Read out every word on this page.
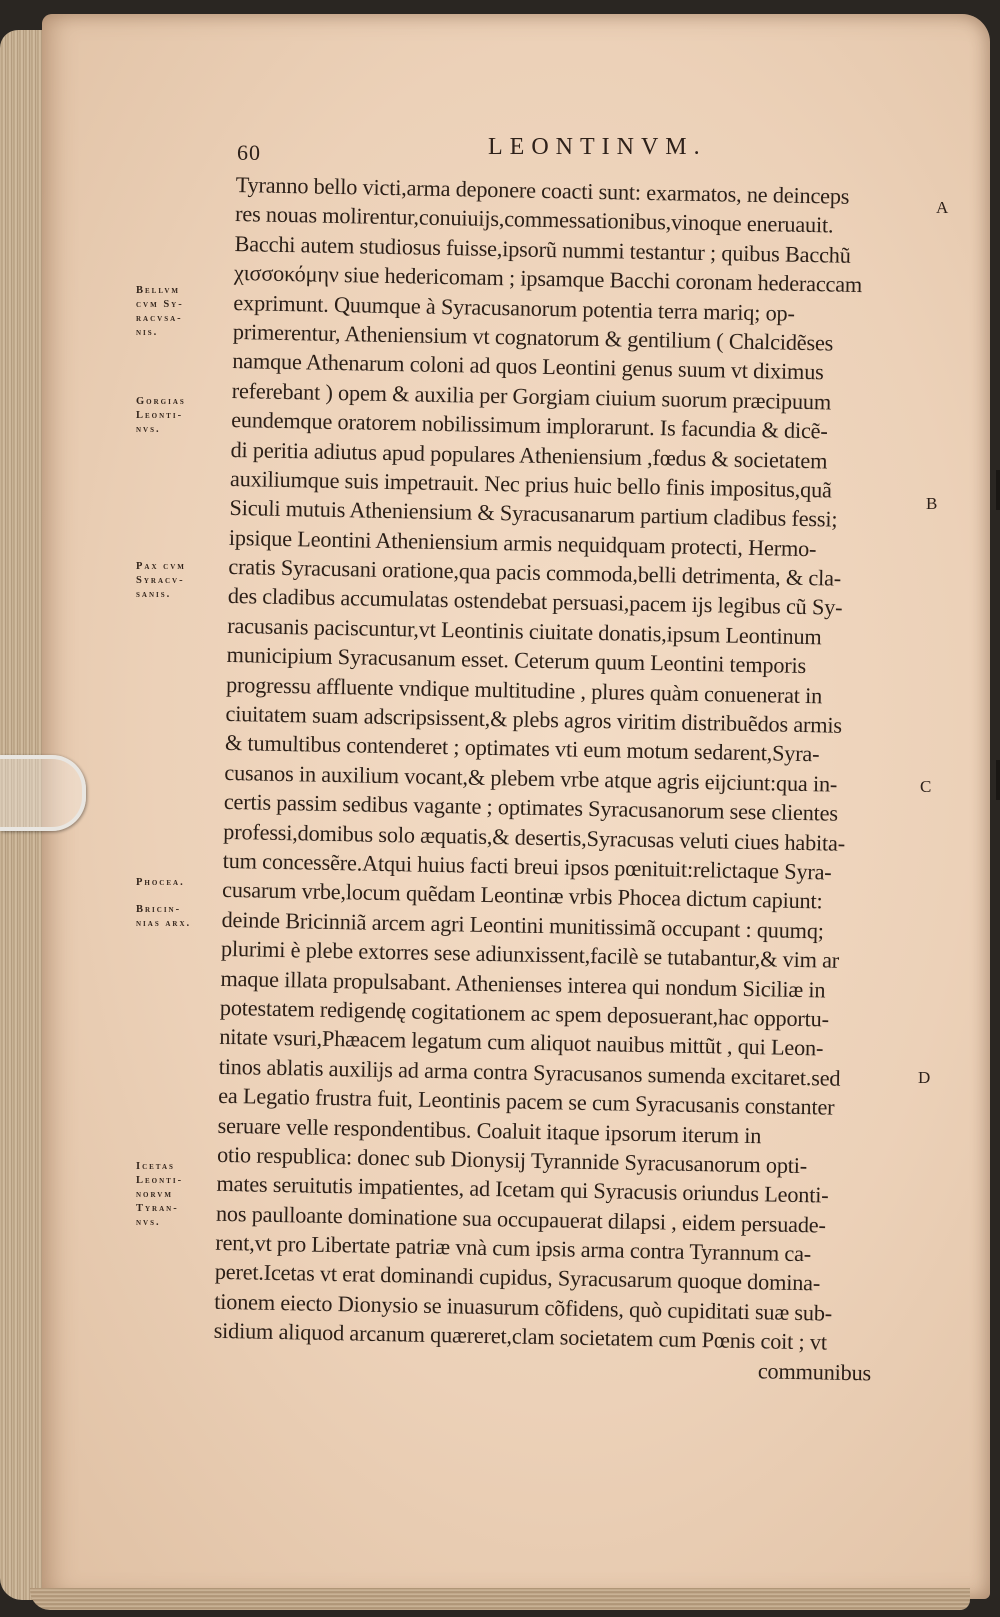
60	LEONTINVM.
Bellvm
cvm Sy-
racvsa-
nis.
Gorgias
Leonti-
nvs.
Pax cvm
Syracv-
sanis.
Phocea.
Bricin-
nias arx.
Icetas
Leonti-
norvm
Tyran-
nvs.
A
B
C
D
Tyranno bello victi,arma deponere coacti sunt: exarmatos, ne deinceps
res nouas molirentur,conuiuijs,commessationibus,vinoque eneruauit.
Bacchi autem studiosus fuisse,ipsorũ nummi testantur ; quibus Bacchũ
χισσοκόμην siue hedericomam ; ipsamque Bacchi coronam hederaccam
exprimunt. Quumque à Syracusanorum potentia terra mariq; op-
primerentur, Atheniensium vt cognatorum & gentilium ( Chalcidẽses
namque Athenarum coloni ad quos Leontini genus suum vt diximus
referebant ) opem & auxilia per Gorgiam ciuium suorum præcipuum
eundemque oratorem nobilissimum implorarunt. Is facundia & dicẽ-
di peritia adiutus apud populares Atheniensium ,fœdus & societatem
auxiliumque suis impetrauit. Nec prius huic bello finis impositus,quã
Siculi mutuis Atheniensium & Syracusanarum partium cladibus fessi;
ipsique Leontini Atheniensium armis nequidquam protecti, Hermo-
cratis Syracusani oratione,qua pacis commoda,belli detrimenta, & cla-
des cladibus accumulatas ostendebat persuasi,pacem ijs legibus cũ Sy-
racusanis paciscuntur,vt Leontinis ciuitate donatis,ipsum Leontinum
municipium Syracusanum esset. Ceterum quum Leontini temporis
progressu affluente vndique multitudine , plures quàm conuenerat in
ciuitatem suam adscripsissent,& plebs agros viritim distribuẽdos armis
& tumultibus contenderet ; optimates vti eum motum sedarent,Syra-
cusanos in auxilium vocant,& plebem vrbe atque agris eijciunt:qua in-
certis passim sedibus vagante ; optimates Syracusanorum sese clientes
professi,domibus solo æquatis,& desertis,Syracusas veluti ciues habita-
tum concessẽre.Atqui huius facti breui ipsos pœnituit:relictaque Syra-
cusarum vrbe,locum quẽdam Leontinæ vrbis Phocea dictum capiunt:
deinde Bricinniã arcem agri Leontini munitissimã occupant : quumq;
plurimi è plebe extorres sese adiunxissent,facilè se tutabantur,& vim ar
maque illata propulsabant. Athenienses interea qui nondum Siciliæ in
potestatem redigendę cogitationem ac spem deposuerant,hac opportu-
nitate vsuri,Phæacem legatum cum aliquot nauibus mittũt , qui Leon-
tinos ablatis auxilijs ad arma contra Syracusanos sumenda excitaret.sed
ea Legatio frustra fuit, Leontinis pacem se cum Syracusanis constanter
seruare velle respondentibus. Coaluit itaque ipsorum iterum in
otio respublica: donec sub Dionysij Tyrannide Syracusanorum opti-
mates seruitutis impatientes, ad Icetam qui Syracusis oriundus Leonti-
nos paulloante dominatione sua occupauerat dilapsi , eidem persuade-
rent,vt pro Libertate patriæ vnà cum ipsis arma contra Tyrannum ca-
peret.Icetas vt erat dominandi cupidus, Syracusarum quoque domina-
tionem eiecto Dionysio se inuasurum cõfidens, quò cupiditati suæ sub-
sidium aliquod arcanum quæreret,clam societatem cum Pœnis coit ; vt
communibus
